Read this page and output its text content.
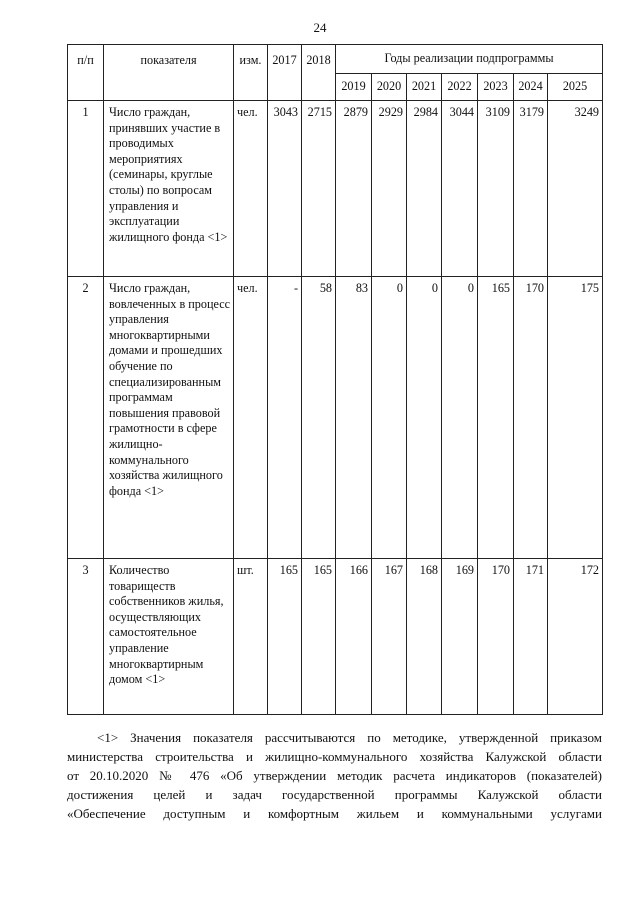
24
п/п	показателя	изм.	2017	2018	Годы реализации подпрограммы						
					2019	2020	2021	2022	2023	2024	2025
1	Число граждан, принявших участие в проводимых мероприятиях (семинары, круглые столы) по вопросам управления и эксплуатации жилищного фонда <1>	чел.	3043	2715	2879	2929	2984	3044	3109	3179	3249
2	Число граждан, вовлеченных в процесс управления многоквартирными домами и прошедших обучение по специализированным программам повышения правовой грамотности в сфере жилищно-коммунального хозяйства жилищного фонда <1>	чел.	-	58	83	0	0	0	165	170	175
3	Количество товариществ собственников жилья, осуществляющих самостоятельное управление многоквартирным домом <1>	шт.	165	165	166	167	168	169	170	171	172

<1> Значения показателя рассчитываются по методике, утвержденной приказом
министерства строительства и жилищно-коммунального хозяйства Калужской области
от 20.10.2020 № 476 «Об утверждении методик расчета индикаторов (показателей)
достижения целей и задач государственной программы Калужской области
«Обеспечение доступным и комфортным жильем и коммунальными услугами
